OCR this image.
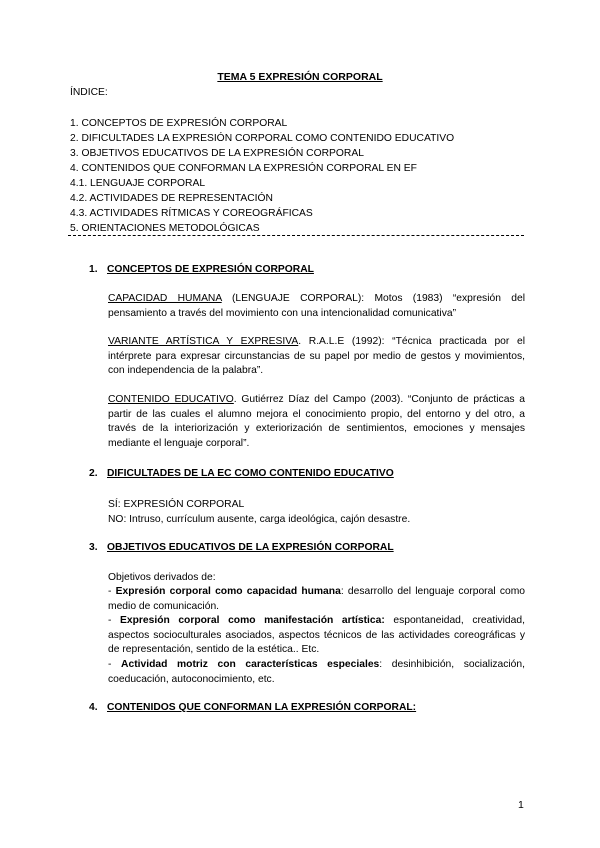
TEMA 5 EXPRESIÓN CORPORAL
ÍNDICE:
1. CONCEPTOS DE EXPRESIÓN CORPORAL
2. DIFICULTADES LA EXPRESIÓN CORPORAL COMO CONTENIDO EDUCATIVO
3. OBJETIVOS EDUCATIVOS DE LA EXPRESIÓN CORPORAL
4. CONTENIDOS QUE CONFORMAN LA EXPRESIÓN CORPORAL EN EF
4.1. LENGUAJE CORPORAL
4.2. ACTIVIDADES DE REPRESENTACIÓN
4.3. ACTIVIDADES RÍTMICAS Y COREOGRÁFICAS
5. ORIENTACIONES METODOLÓGICAS
1. CONCEPTOS DE EXPRESIÓN CORPORAL
CAPACIDAD HUMANA (LENGUAJE CORPORAL): Motos (1983) “expresión del pensamiento a través del movimiento con una intencionalidad comunicativa”
VARIANTE ARTÍSTICA Y EXPRESIVA. R.A.L.E (1992): “Técnica practicada por el intérprete para expresar circunstancias de su papel por medio de gestos y movimientos, con independencia de la palabra”.
CONTENIDO EDUCATIVO. Gutiérrez Díaz del Campo (2003). “Conjunto de prácticas a partir de las cuales el alumno mejora el conocimiento propio, del entorno y del otro, a través de la interiorización y exteriorización de sentimientos, emociones y mensajes mediante el lenguaje corporal”.
2. DIFICULTADES DE LA EC COMO CONTENIDO EDUCATIVO
SÍ: EXPRESIÓN CORPORAL
NO: Intruso, currículum ausente, carga ideológica, cajón desastre.
3. OBJETIVOS EDUCATIVOS DE LA EXPRESIÓN CORPORAL
Objetivos derivados de:
- Expresión corporal como capacidad humana: desarrollo del lenguaje corporal como medio de comunicación.
- Expresión corporal como manifestación artística: espontaneidad, creatividad, aspectos socioculturales asociados, aspectos técnicos de las actividades coreográficas y de representación, sentido de la estética.. Etc.
- Actividad motriz con características especiales: desinhibición, socialización, coeducación, autoconocimiento, etc.
4. CONTENIDOS QUE CONFORMAN LA EXPRESIÓN CORPORAL:
1
